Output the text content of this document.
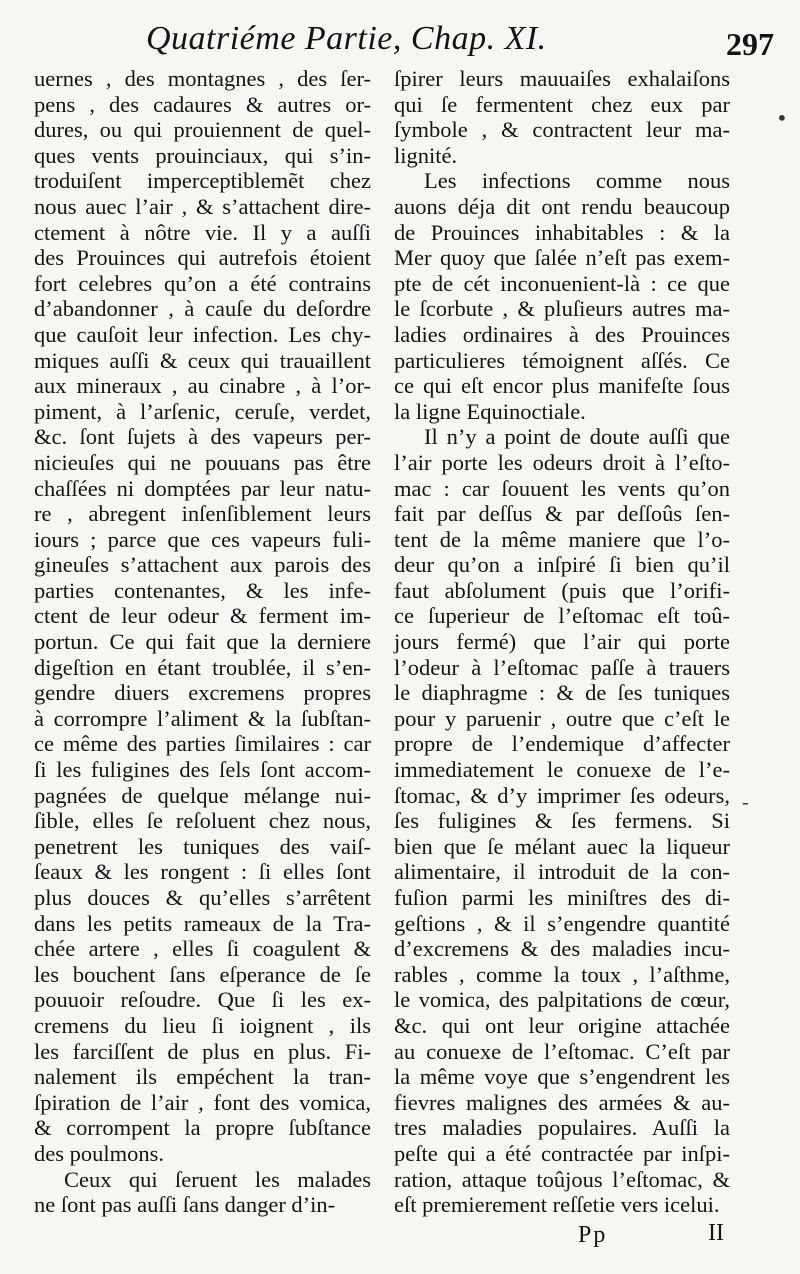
Quatriéme Partie, Chap. XI.	297
uernes , des montagnes , des ſer-
pens , des cadaures & autres or-
dures, ou qui prouiennent de quel-
ques vents prouinciaux, qui s’in-
troduiſent imperceptiblemẽt chez
nous auec l’air , & s’attachent dire-
ctement à nôtre vie. Il y a auſſi
des Prouinces qui autrefois étoient
fort celebres qu’on a été contrains
d’abandonner , à cauſe du deſordre
que cauſoit leur infection. Les chy-
miques auſſi & ceux qui trauaillent
aux mineraux , au cinabre , à l’or-
piment, à l’arſenic, ceruſe, verdet,
&c. ſont ſujets à des vapeurs per-
nicieuſes qui ne pouuans pas être
chaſſées ni domptées par leur natu-
re , abregent inſenſiblement leurs
iours ; parce que ces vapeurs fuli-
gineuſes s’attachent aux parois des
parties contenantes, & les infe-
ctent de leur odeur & ferment im-
portun. Ce qui fait que la derniere
digeſtion en étant troublée, il s’en-
gendre diuers excremens propres
à corrompre l’aliment & la ſubſtan-
ce même des parties ſimilaires : car
ſi les fuligines des ſels ſont accom-
pagnées de quelque mélange nui-
ſible, elles ſe reſoluent chez nous,
penetrent les tuniques des vaiſ-
ſeaux & les rongent : ſi elles ſont
plus douces & qu’elles s’arrêtent
dans les petits rameaux de la Tra-
chée artere , elles ſi coagulent &
les bouchent ſans eſperance de ſe
pouuoir reſoudre. Que ſi les ex-
cremens du lieu ſi ioignent , ils
les farciſſent de plus en plus. Fi-
nalement ils empéchent la tran-
ſpiration de l’air , font des vomica,
& corrompent la propre ſubſtance
des poulmons.
Ceux qui ſeruent les malades
ne ſont pas auſſi ſans danger d’in-
ſpirer leurs mauuaiſes exhalaiſons
qui ſe fermentent chez eux par
ſymbole , & contractent leur ma-
lignité.
Les infections comme nous
auons déja dit ont rendu beaucoup
de Prouinces inhabitables : & la
Mer quoy que ſalée n’eſt pas exem-
pte de cét inconuenient-là : ce que
le ſcorbute , & pluſieurs autres ma-
ladies ordinaires à des Prouinces
particulieres témoignent aſſés. Ce
ce qui eſt encor plus manifeſte ſous
la ligne Equinoctiale.
Il n’y a point de doute auſſi que
l’air porte les odeurs droit à l’eſto-
mac : car ſouuent les vents qu’on
fait par deſſus & par deſſoûs ſen-
tent de la même maniere que l’o-
deur qu’on a inſpiré ſi bien qu’il
faut abſolument (puis que l’orifi-
ce ſuperieur de l’eſtomac eſt toû-
jours fermé) que l’air qui porte
l’odeur à l’eſtomac paſſe à trauers
le diaphragme : & de ſes tuniques
pour y paruenir , outre que c’eſt le
propre de l’endemique d’affecter
immediatement le conuexe de l’e-
ſtomac, & d’y imprimer ſes odeurs,
ſes fuligines & ſes fermens. Si
bien que ſe mélant auec la liqueur
alimentaire, il introduit de la con-
fuſion parmi les miniſtres des di-
geſtions , & il s’engendre quantité
d’excremens & des maladies incu-
rables , comme la toux , l’aſthme,
le vomica, des palpitations de cœur,
&c. qui ont leur origine attachée
au conuexe de l’eſtomac. C’eſt par
la même voye que s’engendrent les
fievres malignes des armées & au-
tres maladies populaires. Auſſi la
peſte qui a été contractée par inſpi-
ration, attaque toûjous l’eſtomac, &
eſt premierement reſſetie vers icelui.
Pp	II
•
-
